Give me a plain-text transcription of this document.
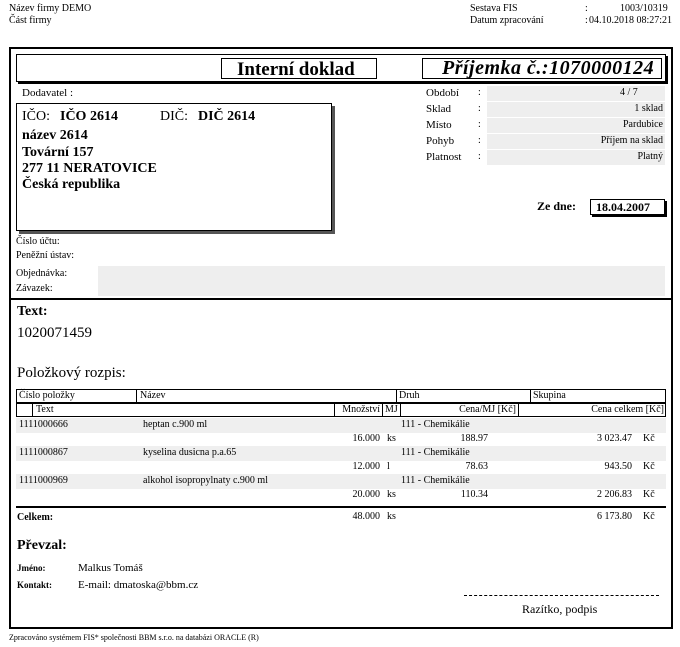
Název firmy DEMO
Část firmy
Sestava FIS	:	1003/10319
Datum zpracování	: 04.10.2018 08:27:21
Interní doklad	Příjemka č.:1070000124
Dodavatel :
IČO: IČO 2614	DIČ: DIČ 2614
název 2614
Tovární 157
277 11 NERATOVICE
Česká republika
Období :	4 / 7
Sklad	:	1 sklad
Místo	:	Pardubice
Pohyb :	Příjem na sklad
Platnost :	Platný
Ze dne: 18.04.2007
Číslo účtu:
Peněžní ústav:
Objednávka:
Závazek:
Text:
1020071459
Položkový rozpis:
Číslo položky	Název	Druh	Skupina
Text	Množství MJ	Cena/MJ [Kč]	Cena celkem [Kč]
1111000666	heptan c.900 ml	111 - Chemikálie
16.000 ks	188.97	3 023.47 Kč
1111000867	kyselina dusicna p.a.65	111 - Chemikálie
12.000 l	78.63	943.50 Kč
1111000969	alkohol isopropylnaty c.900 ml	111 - Chemikálie
20.000 ks	110.34	2 206.83 Kč
Celkem:	48.000 ks	6 173.80 Kč
Převzal:
Jméno:	Malkus Tomáš
Kontakt: E-mail: dmatoska@bbm.cz
Razítko, podpis
Zpracováno systémem FIS* společnosti BBM s.r.o. na databázi ORACLE (R)
